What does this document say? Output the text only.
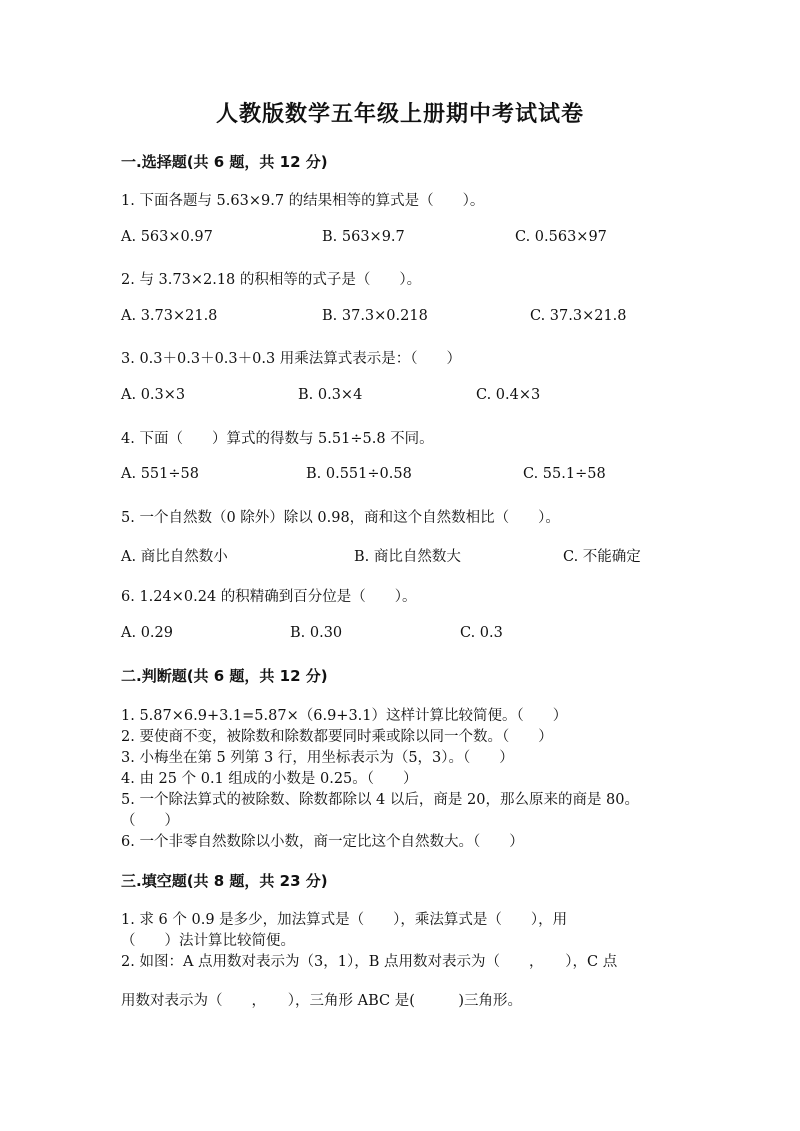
人教版数学五年级上册期中考试试卷
一.选择题(共 6 题，共 12 分)
1. 下面各题与 5.63×9.7 的结果相等的算式是（　　）。
A. 563×0.97	B. 563×9.7	C. 0.563×97
2. 与 3.73×2.18 的积相等的式子是（　　）。
A. 3.73×21.8	B. 37.3×0.218	C. 37.3×21.8
3. 0.3＋0.3＋0.3＋0.3 用乘法算式表示是：（　　）
A. 0.3×3	B. 0.3×4	C. 0.4×3
4. 下面（　　）算式的得数与 5.51÷5.8 不同。
A. 551÷58	B. 0.551÷0.58	C. 55.1÷58
5. 一个自然数（0 除外）除以 0.98，商和这个自然数相比（　　）。
A. 商比自然数小	B. 商比自然数大	C. 不能确定
6. 1.24×0.24 的积精确到百分位是（　　）。
A. 0.29	B. 0.30	C. 0.3
二.判断题(共 6 题，共 12 分)
1. 5.87×6.9+3.1=5.87×（6.9+3.1）这样计算比较简便。（　　）
2. 要使商不变，被除数和除数都要同时乘或除以同一个数。（　　）
3. 小梅坐在第 5 列第 3 行，用坐标表示为（5，3）。（　　）
4. 由 25 个 0.1 组成的小数是 0.25。（　　）
5. 一个除法算式的被除数、除数都除以 4 以后，商是 20，那么原来的商是 80。
（　　）
6. 一个非零自然数除以小数，商一定比这个自然数大。（　　）
三.填空题(共 8 题，共 23 分)
1. 求 6 个 0.9 是多少，加法算式是（　　），乘法算式是（　　），用
（　　）法计算比较简便。
2. 如图：A 点用数对表示为（3，1），B 点用数对表示为（　　，　　），C 点
用数对表示为（　　，　　），三角形 ABC 是(　　　)三角形。
